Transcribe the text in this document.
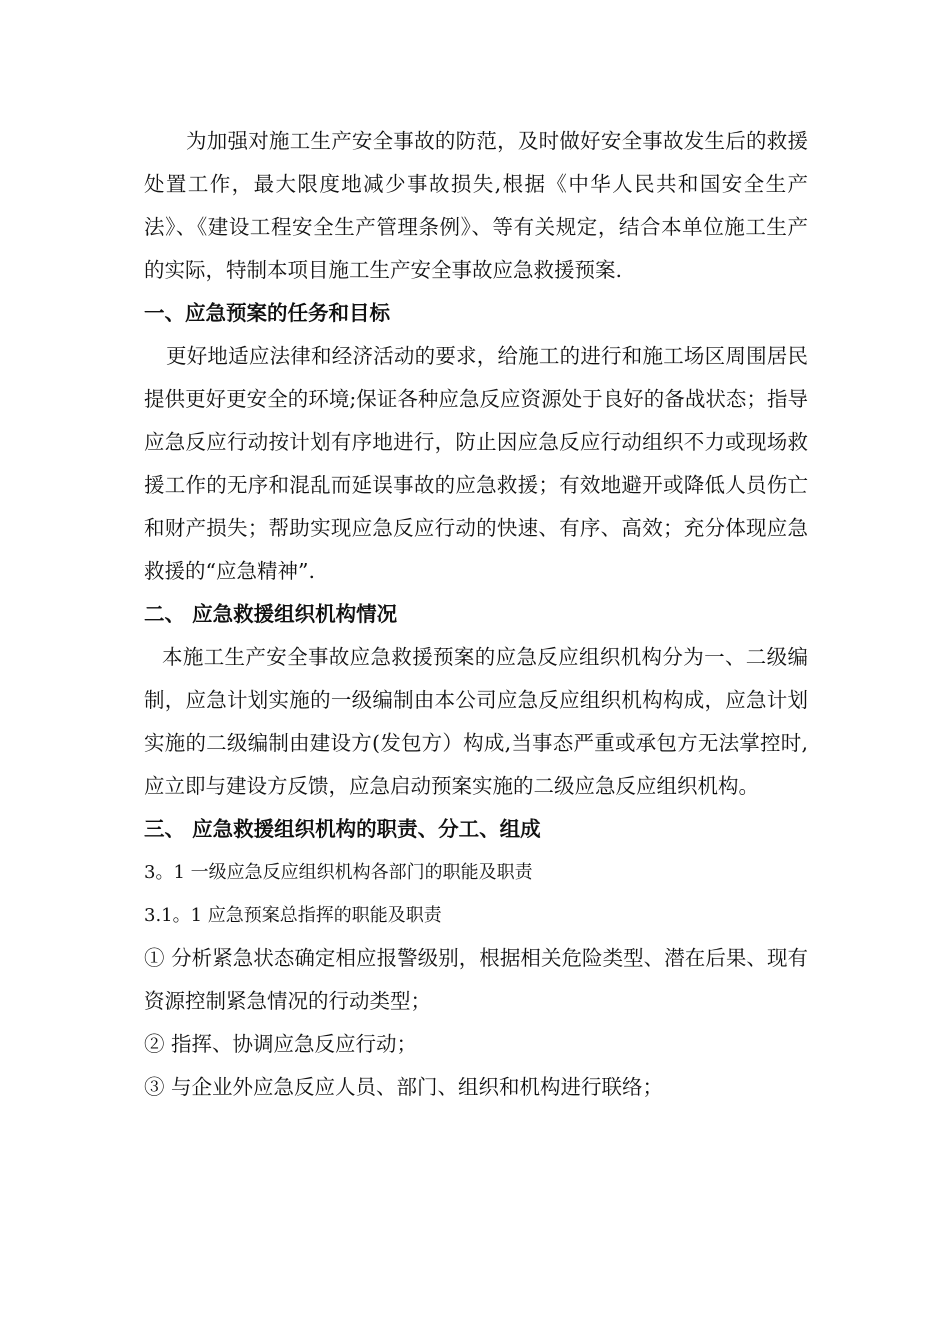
为加强对施工生产安全事故的防范，及时做好安全事故发生后的救援处置工作，最大限度地减少事故损失,根据《中华人民共和国安全生产法》、《建设工程安全生产管理条例》、等有关规定，结合本单位施工生产的实际，特制本项目施工生产安全事故应急救援预案.

一、应急预案的任务和目标

更好地适应法律和经济活动的要求，给施工的进行和施工场区周围居民提供更好更安全的环境;保证各种应急反应资源处于良好的备战状态；指导应急反应行动按计划有序地进行，防止因应急反应行动组织不力或现场救援工作的无序和混乱而延误事故的应急救援；有效地避开或降低人员伤亡和财产损失；帮助实现应急反应行动的快速、有序、高效；充分体现应急救援的“应急精神”.

二、 应急救援组织机构情况

本施工生产安全事故应急救援预案的应急反应组织机构分为一、二级编制，应急计划实施的一级编制由本公司应急反应组织机构构成，应急计划实施的二级编制由建设方(发包方）构成,当事态严重或承包方无法掌控时,应立即与建设方反馈，应急启动预案实施的二级应急反应组织机构。

三、 应急救援组织机构的职责、分工、组成

3。1 一级应急反应组织机构各部门的职能及职责

3.1。1 应急预案总指挥的职能及职责

① 分析紧急状态确定相应报警级别，根据相关危险类型、潜在后果、现有资源控制紧急情况的行动类型；

② 指挥、协调应急反应行动；

③ 与企业外应急反应人员、部门、组织和机构进行联络；
